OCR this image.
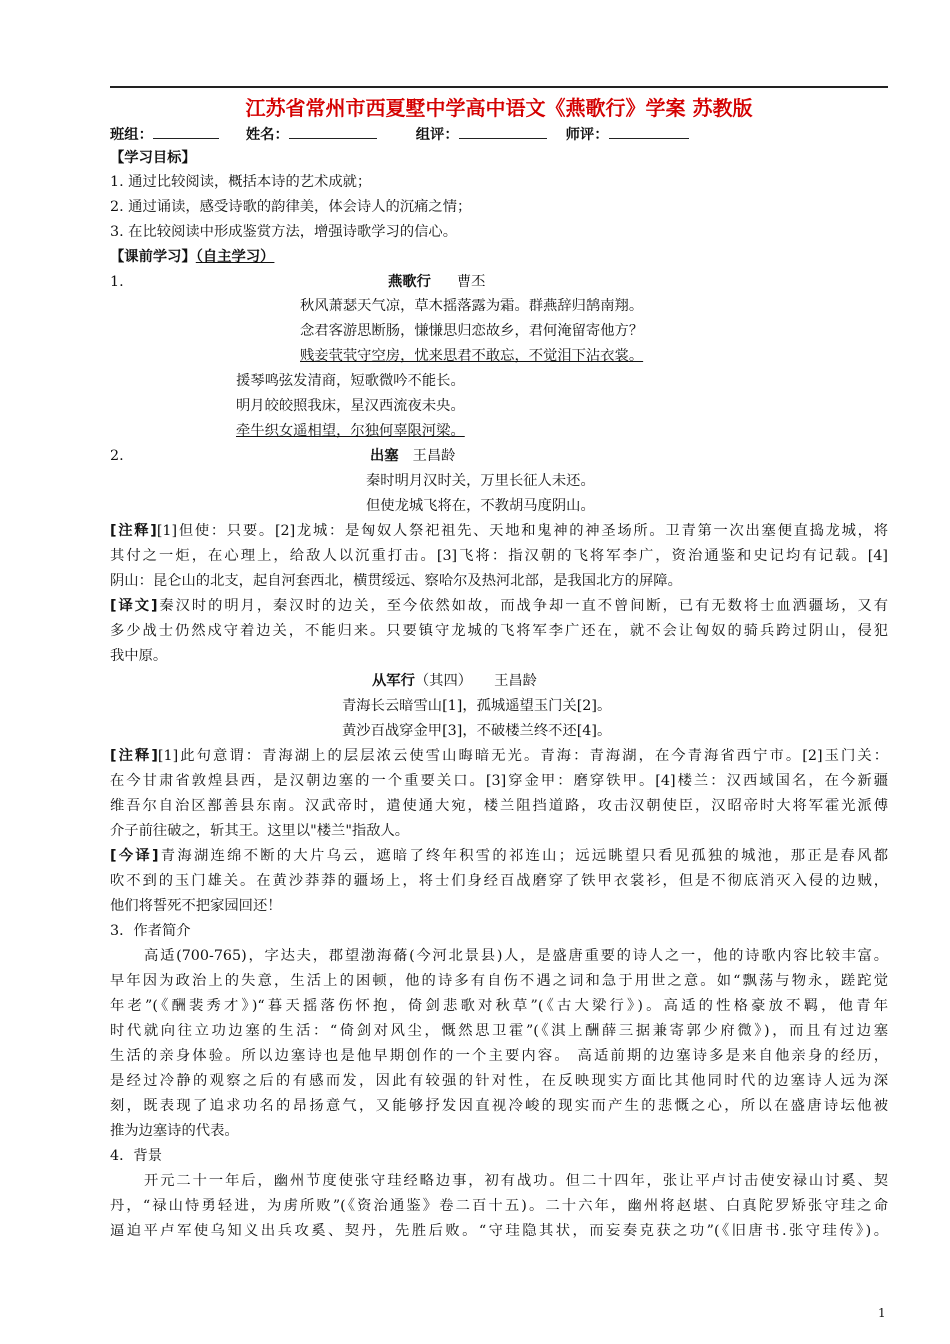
江苏省常州市西夏墅中学高中语文《燕歌行》学案 苏教版
班组：	姓名：	组评：	师评：
【学习目标】
1. 通过比较阅读，概括本诗的艺术成就；
2. 通过诵读，感受诗歌的韵律美，体会诗人的沉痛之情；
3. 在比较阅读中形成鉴赏方法，增强诗歌学习的信心。
【课前学习】（自主学习）
1.	燕歌行 曹丕
秋风萧瑟天气凉，草木摇落露为霜。群燕辞归鹄南翔。
念君客游思断肠，慊慊思归恋故乡，君何淹留寄他方？
贱妾茕茕守空房，忧来思君不敢忘，不觉泪下沾衣裳。
援琴鸣弦发清商，短歌微吟不能长。
明月皎皎照我床，星汉西流夜未央。
牵牛织女遥相望，尔独何辜限河梁。
2.	出塞 王昌龄
秦时明月汉时关，万里长征人未还。
但使龙城飞将在，不教胡马度阴山。
[注释][1]但使：只要。[2]龙城：是匈奴人祭祀祖先、天地和鬼神的神圣场所。卫青第一次出塞便直捣龙城，将
其付之一炬，在心理上，给敌人以沉重打击。[3]飞将：指汉朝的飞将军李广，资治通鉴和史记均有记载。[4]
阴山：昆仑山的北支，起自河套西北，横贯绥远、察哈尔及热河北部，是我国北方的屏障。
[译文]秦汉时的明月，秦汉时的边关，至今依然如故，而战争却一直不曾间断，已有无数将士血洒疆场，又有
多少战士仍然戍守着边关，不能归来。只要镇守龙城的飞将军李广还在，就不会让匈奴的骑兵跨过阴山，侵犯
我中原。
从军行（其四） 王昌龄
青海长云暗雪山[1]，孤城遥望玉门关[2]。
黄沙百战穿金甲[3]，不破楼兰终不还[4]。
[注释][1]此句意谓：青海湖上的层层浓云使雪山晦暗无光。青海：青海湖，在今青海省西宁市。[2]玉门关：
在今甘肃省敦煌县西，是汉朝边塞的一个重要关口。[3]穿金甲：磨穿铁甲。[4]楼兰：汉西域国名，在今新疆
维吾尔自治区鄯善县东南。汉武帝时，遣使通大宛，楼兰阻挡道路，攻击汉朝使臣，汉昭帝时大将军霍光派傅
介子前往破之，斩其王。这里以"楼兰"指敌人。
[今译]青海湖连绵不断的大片乌云，遮暗了终年积雪的祁连山；远远眺望只看见孤独的城池，那正是春风都
吹不到的玉门雄关。在黄沙莽莽的疆场上，将士们身经百战磨穿了铁甲衣裳衫，但是不彻底消灭入侵的边贼，
他们将誓死不把家园回还！
3．作者简介
高适(700-765)，字达夫，郡望渤海蓨(今河北景县)人，是盛唐重要的诗人之一，他的诗歌内容比较丰富。
早年因为政治上的失意，生活上的困顿，他的诗多有自伤不遇之词和急于用世之意。如“飘荡与物永，蹉跎觉
年老”(《酬裴秀才》)“暮天摇落伤怀抱，倚剑悲歌对秋草”(《古大梁行》)。高适的性格豪放不羁，他青年
时代就向往立功边塞的生活：“倚剑对风尘，慨然思卫霍”(《淇上酬薛三据兼寄郭少府微》)，而且有过边塞
生活的亲身体验。所以边塞诗也是他早期创作的一个主要内容。 高适前期的边塞诗多是来自他亲身的经历，
是经过冷静的观察之后的有感而发，因此有较强的针对性，在反映现实方面比其他同时代的边塞诗人远为深
刻，既表现了追求功名的昂扬意气，又能够抒发因直视冷峻的现实而产生的悲慨之心，所以在盛唐诗坛他被
推为边塞诗的代表。
4．背景
开元二十一年后，幽州节度使张守珪经略边事，初有战功。但二十四年，张让平卢讨击使安禄山讨奚、契
丹，“禄山恃勇轻进，为虏所败”(《资治通鉴》卷二百十五)。二十六年，幽州将赵堪、白真陀罗矫张守珪之命
逼迫平卢军使乌知义出兵攻奚、契丹，先胜后败。“守珪隐其状，而妄奏克获之功”(《旧唐书.张守珪传》)。
1
